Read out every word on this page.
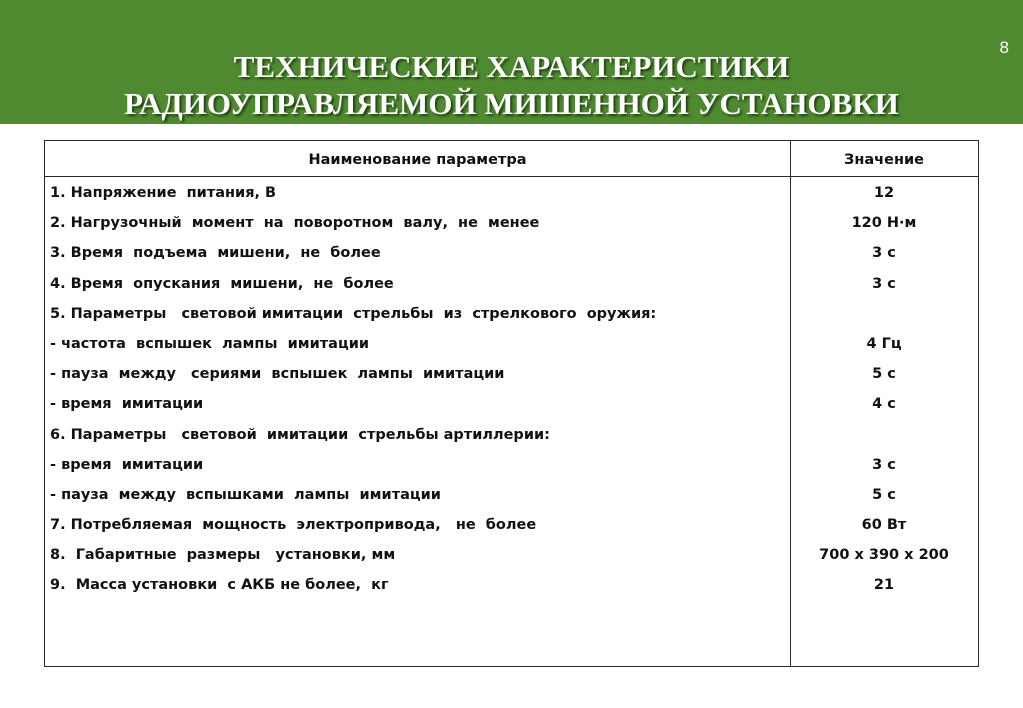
ТЕХНИЧЕСКИЕ ХАРАКТЕРИСТИКИ
РАДИОУПРАВЛЯЕМОЙ МИШЕННОЙ УСТАНОВКИ
8
Наименование параметра	Значение
1. Напряжение  питания, В	12
2. Нагрузочный  момент  на  поворотном  валу,  не  менее	120 Н·м
3. Время  подъема  мишени,  не  более	3 с
4. Время  опускания  мишени,  не  более	3 с
5. Параметры   световой имитации  стрельбы  из  стрелкового  оружия:
- частота  вспышек  лампы  имитации	4 Гц
- пауза  между   сериями  вспышек  лампы  имитации	5 с
- время  имитации	4 с
6. Параметры   световой  имитации  стрельбы артиллерии:
- время  имитации	3 с
- пауза  между  вспышками  лампы  имитации	5 с
7. Потребляемая  мощность  электропривода,   не  более	60 Вт
8.  Габаритные  размеры   установки, мм	700 х 390 х 200
9.  Масса установки  с АКБ не более,  кг	21
